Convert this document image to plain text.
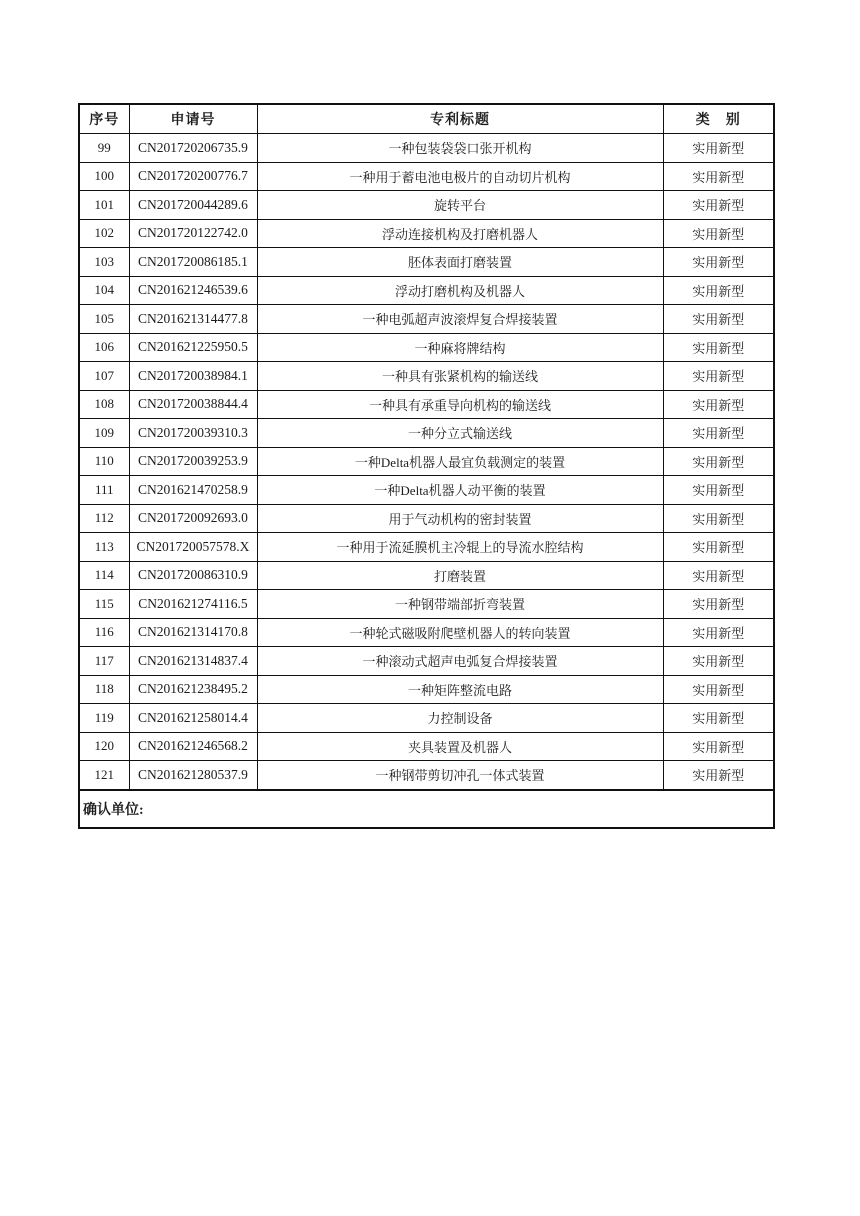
序号	申请号	专利标题	类　别
99	CN201720206735.9	一种包装袋袋口张开机构	实用新型
100	CN201720200776.7	一种用于蓄电池电极片的自动切片机构	实用新型
101	CN201720044289.6	旋转平台	实用新型
102	CN201720122742.0	浮动连接机构及打磨机器人	实用新型
103	CN201720086185.1	胚体表面打磨装置	实用新型
104	CN201621246539.6	浮动打磨机构及机器人	实用新型
105	CN201621314477.8	一种电弧超声波滚焊复合焊接装置	实用新型
106	CN201621225950.5	一种麻将牌结构	实用新型
107	CN201720038984.1	一种具有张紧机构的输送线	实用新型
108	CN201720038844.4	一种具有承重导向机构的输送线	实用新型
109	CN201720039310.3	一种分立式输送线	实用新型
110	CN201720039253.9	一种Delta机器人最宜负载测定的装置	实用新型
111	CN201621470258.9	一种Delta机器人动平衡的装置	实用新型
112	CN201720092693.0	用于气动机构的密封装置	实用新型
113	CN201720057578.X	一种用于流延膜机主冷辊上的导流水腔结构	实用新型
114	CN201720086310.9	打磨装置	实用新型
115	CN201621274116.5	一种钢带端部折弯装置	实用新型
116	CN201621314170.8	一种轮式磁吸附爬壁机器人的转向装置	实用新型
117	CN201621314837.4	一种滚动式超声电弧复合焊接装置	实用新型
118	CN201621238495.2	一种矩阵整流电路	实用新型
119	CN201621258014.4	力控制设备	实用新型
120	CN201621246568.2	夹具装置及机器人	实用新型
121	CN201621280537.9	一种钢带剪切冲孔一体式装置	实用新型
确认单位:			
